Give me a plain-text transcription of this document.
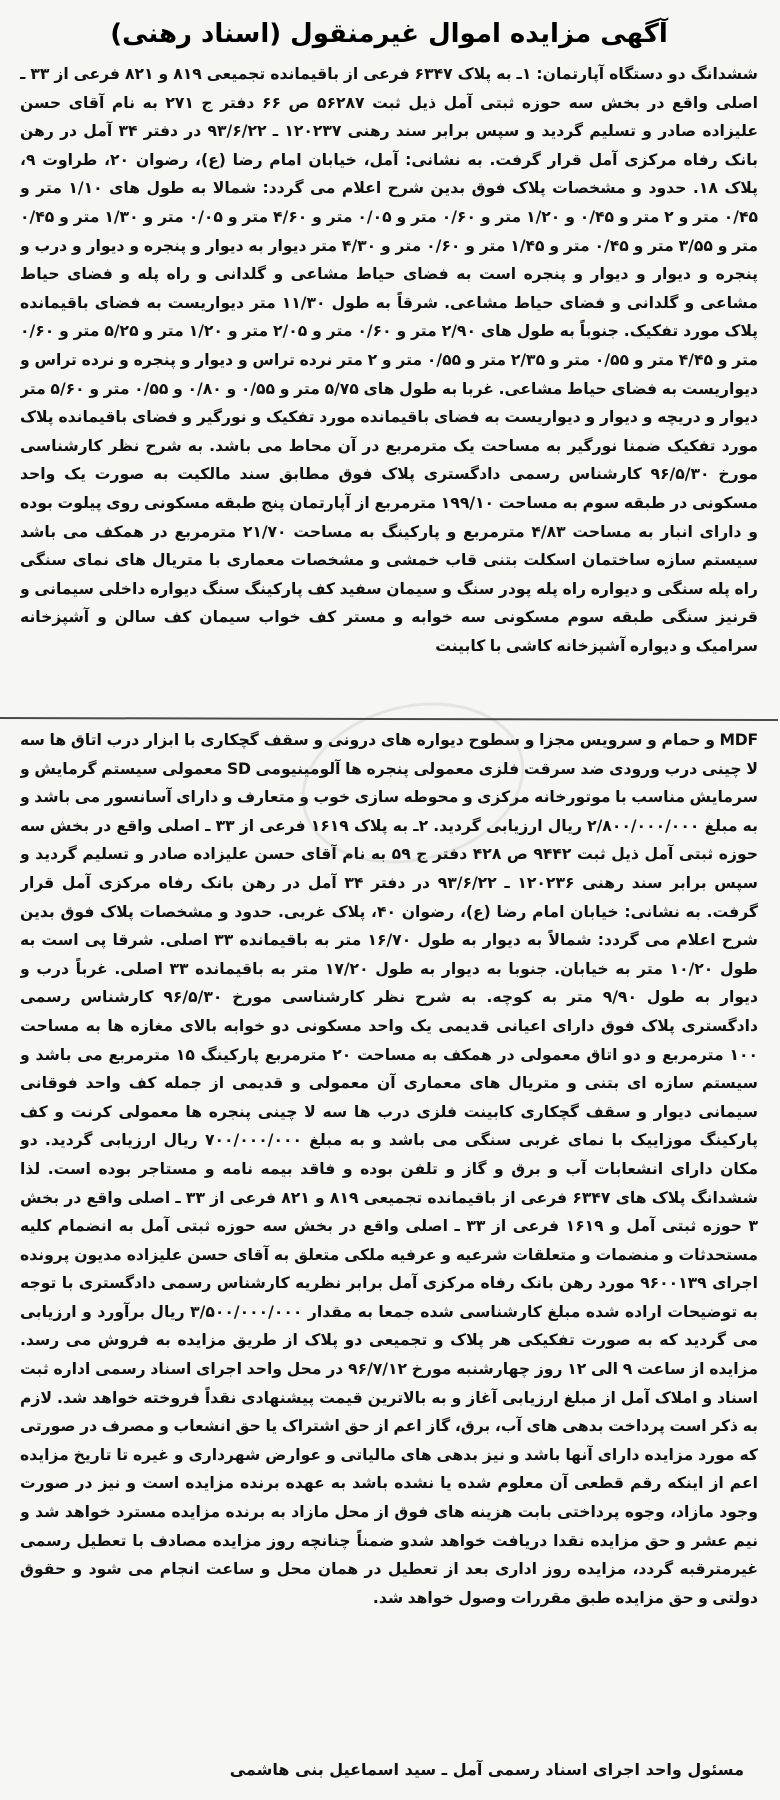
آگهی مزایده اموال غیرمنقول (اسناد رهنی)
ششدانگ دو دستگاه آپارتمان: ۱ـ به پلاک ۶۳۴۷ فرعی از باقیمانده تجمیعی ۸۱۹ و ۸۲۱ فرعی از ۳۳ ـ اصلی واقع در بخش سه حوزه ثبتی آمل ذیل ثبت ۵۶۲۸۷ ص ۶۶ دفتر ج ۲۷۱ به نام آقای حسن علیزاده صادر و تسلیم گردید و سپس برابر سند رهنی ۱۲۰۲۳۷ ـ ۹۳/۶/۲۲ در دفتر ۳۴ آمل در رهن بانک رفاه مرکزی آمل قرار گرفت. به نشانی: آمل، خیابان امام رضا (ع)، رضوان ۲۰، طراوت ۹، پلاک ۱۸. حدود و مشخصات پلاک فوق بدین شرح اعلام می گردد: شمالا به طول های ۱/۱۰ متر و ۰/۴۵ متر و ۲ متر و ۰/۴۵ و ۱/۲۰ متر و ۰/۶۰ متر و ۰/۰۵ متر و ۴/۶۰ متر و ۰/۰۵ متر و ۱/۳۰ متر و ۰/۴۵ متر و ۳/۵۵ متر و ۰/۴۵ متر و ۱/۴۵ متر و ۰/۶۰ متر و ۴/۳۰ متر دیوار به دیوار و پنجره و دیوار و درب و پنجره و دیوار و دیوار و پنجره است به فضای حیاط مشاعی و گلدانی و راه پله و فضای حیاط مشاعی و گلدانی و فضای حیاط مشاعی. شرقاً به طول ۱۱/۳۰ متر دیواریست به فضای باقیمانده پلاک مورد تفکیک. جنوباً به طول های ۲/۹۰ متر و ۰/۶۰ متر و ۲/۰۵ متر و ۱/۲۰ متر و ۵/۲۵ متر و ۰/۶۰ متر و ۴/۴۵ متر و ۰/۵۵ متر و ۲/۳۵ متر و ۰/۵۵ متر و ۲ متر نرده تراس و دیوار و پنجره و نرده تراس و دیواریست به فضای حیاط مشاعی. غربا به طول های ۵/۷۵ متر و ۰/۵۵ و ۰/۸۰ و ۰/۵۵ متر و ۵/۶۰ متر دیوار و دریچه و دیوار و دیواریست به فضای باقیمانده مورد تفکیک و نورگیر و فضای باقیمانده پلاک مورد تفکیک ضمنا نورگیر به مساحت یک مترمربع در آن محاط می باشد. به شرح نظر کارشناسی مورخ ۹۶/۵/۳۰ کارشناس رسمی دادگستری پلاک فوق مطابق سند مالکیت به صورت یک واحد مسکونی در طبقه سوم به مساحت ۱۹۹/۱۰ مترمربع از آپارتمان پنج طبقه مسکونی روی پیلوت بوده و دارای انبار به مساحت ۴/۸۳ مترمربع و پارکینگ به مساحت ۲۱/۷۰ مترمربع در همکف می باشد سیستم سازه ساختمان اسکلت بتنی قاب خمشی و مشخصات معماری با متریال های نمای سنگی راه پله سنگی و دیواره راه پله پودر سنگ و سیمان سفید کف پارکینگ سنگ دیواره داخلی سیمانی و قرنیز سنگی طبقه سوم مسکونی سه خوابه و مستر کف خواب سیمان کف سالن و آشپزخانه سرامیک و دیواره آشپزخانه کاشی با کابینت
MDF و حمام و سرویس مجزا و سطوح دیواره های درونی و سقف گچکاری با ابزار درب اتاق ها سه لا چینی درب ورودی ضد سرقت فلزی معمولی پنجره ها آلومینیومی SD معمولی سیستم گرمایش و سرمایش مناسب با موتورخانه مرکزی و محوطه سازی خوب و متعارف و دارای آسانسور می باشد و به مبلغ ۲/۸۰۰/۰۰۰/۰۰۰ ریال ارزیابی گردید. ۲ـ به پلاک ۱۶۱۹ فرعی از ۳۳ ـ اصلی واقع در بخش سه حوزه ثبتی آمل ذیل ثبت ۹۴۴۲ ص ۴۲۸ دفتر ج ۵۹ به نام آقای حسن علیزاده صادر و تسلیم گردید و سپس برابر سند رهنی ۱۲۰۲۳۶ ـ ۹۳/۶/۲۲ در دفتر ۳۴ آمل در رهن بانک رفاه مرکزی آمل قرار گرفت. به نشانی: خیابان امام رضا (ع)، رضوان ۴۰، پلاک غربی. حدود و مشخصات پلاک فوق بدین شرح اعلام می گردد: شمالاً به دیوار به طول ۱۶/۷۰ متر به باقیمانده ۳۳ اصلی. شرقا پی است به طول ۱۰/۲۰ متر به خیابان. جنوبا به دیوار به طول ۱۷/۲۰ متر به باقیمانده ۳۳ اصلی. غرباً درب و دیوار به طول ۹/۹۰ متر به کوچه. به شرح نظر کارشناسی مورخ ۹۶/۵/۳۰ کارشناس رسمی دادگستری پلاک فوق دارای اعیانی قدیمی یک واحد مسکونی دو خوابه بالای مغازه ها به مساحت ۱۰۰ مترمربع و دو اتاق معمولی در همکف به مساحت ۲۰ مترمربع پارکینگ ۱۵ مترمربع می باشد و سیستم سازه ای بتنی و متریال های معماری آن معمولی و قدیمی از جمله کف واحد فوقانی سیمانی دیوار و سقف گچکاری کابینت فلزی درب ها سه لا چینی پنجره ها معمولی کرنت و کف پارکینگ موزاییک با نمای غربی سنگی می باشد و به مبلغ ۷۰۰/۰۰۰/۰۰۰ ریال ارزیابی گردید. دو مکان دارای انشعابات آب و برق و گاز و تلفن بوده و فاقد بیمه نامه و مستاجر بوده است. لذا ششدانگ پلاک های ۶۳۴۷ فرعی از باقیمانده تجمیعی ۸۱۹ و ۸۲۱ فرعی از ۳۳ ـ اصلی واقع در بخش ۳ حوزه ثبتی آمل و ۱۶۱۹ فرعی از ۳۳ ـ اصلی واقع در بخش سه حوزه ثبتی آمل به انضمام کلیه مستحدثات و منضمات و متعلقات شرعیه و عرفیه ملکی متعلق به آقای حسن علیزاده مدیون پرونده اجرای ۹۶۰۰۱۳۹ مورد رهن بانک رفاه مرکزی آمل برابر نظریه کارشناس رسمی دادگستری با توجه به توضیحات اراده شده مبلغ کارشناسی شده جمعا به مقدار ۳/۵۰۰/۰۰۰/۰۰۰ ریال برآورد و ارزیابی می گردید که به صورت تفکیکی هر پلاک و تجمیعی دو پلاک از طریق مزایده به فروش می رسد. مزایده از ساعت ۹ الی ۱۲ روز چهارشنبه مورخ ۹۶/۷/۱۲ در محل واحد اجرای اسناد رسمی اداره ثبت اسناد و املاک آمل از مبلغ ارزیابی آغاز و به بالاترین قیمت پیشنهادی نقداً فروخته خواهد شد. لازم به ذکر است پرداخت بدهی های آب، برق، گاز اعم از حق اشتراک یا حق انشعاب و مصرف در صورتی که مورد مزایده دارای آنها باشد و نیز بدهی های مالیاتی و عوارض شهرداری و غیره تا تاریخ مزایده اعم از اینکه رقم قطعی آن معلوم شده یا نشده باشد به عهده برنده مزایده است و نیز در صورت وجود مازاد، وجوه پرداختی بابت هزینه های فوق از محل مازاد به برنده مزایده مسترد خواهد شد و نیم عشر و حق مزایده نقدا دریافت خواهد شدو ضمناً چنانچه روز مزایده مصادف با تعطیل رسمی غیرمترقبه گردد، مزایده روز اداری بعد از تعطیل در همان محل و ساعت انجام می شود و حقوق دولتی و حق مزایده طبق مقررات وصول خواهد شد.
مسئول واحد اجرای اسناد رسمی آمل ـ سید اسماعیل بنی هاشمی
